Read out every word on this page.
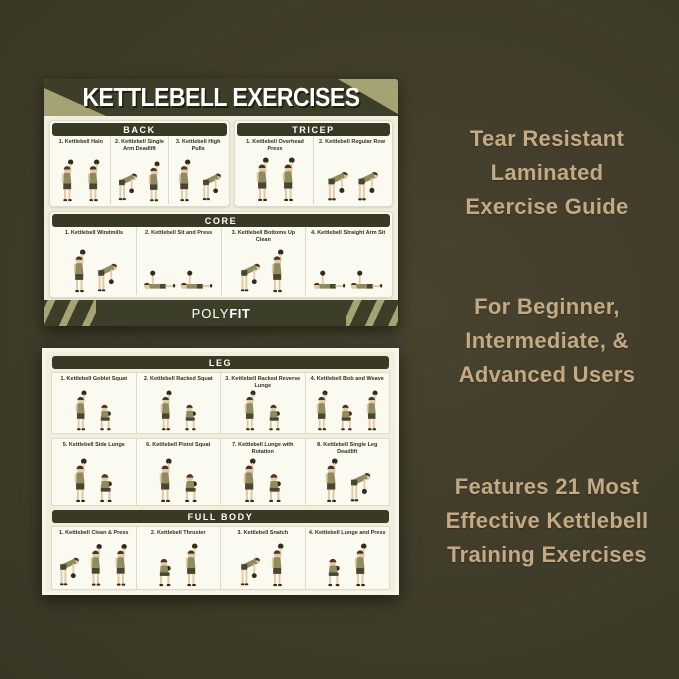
KETTLEBELL EXERCISES
BACK
1. Kettlebell Halo	2. Kettlebell Single Arm Deadlift
3. Kettlebell High Pulls
TRICEP
1. Kettlebell Overhead Press
2. Kettlebell Regular Row
CORE
1. Kettlebell Windmills	2. Kettlebell Sit and Press	3. Kettlebell Bottoms Up Clean
4. Kettlebell Straight Arm Sit
POLYFIT
LEG
1. Kettlebell Goblet Squat	2. Kettlebell Racked Squat	3. Kettlebell Racked Reverse Lunge
4. Kettlebell Bob and Weave
5. Kettlebell Side Lunge	6. Kettlebell Pistol Squat	7. Kettlebell Lunge with Rotation
8. Kettlebell Single Leg Deadlift
FULL BODY
1. Kettlebell Clean & Press	2. Kettlebell Thruster	3. Kettlebell Snatch	4. Kettlebell Lunge and Press
Tear Resistant
Laminated
Exercise Guide
For Beginner,
Intermediate, &
Advanced Users
Features 21 Most
Effective Kettlebell
Training Exercises
